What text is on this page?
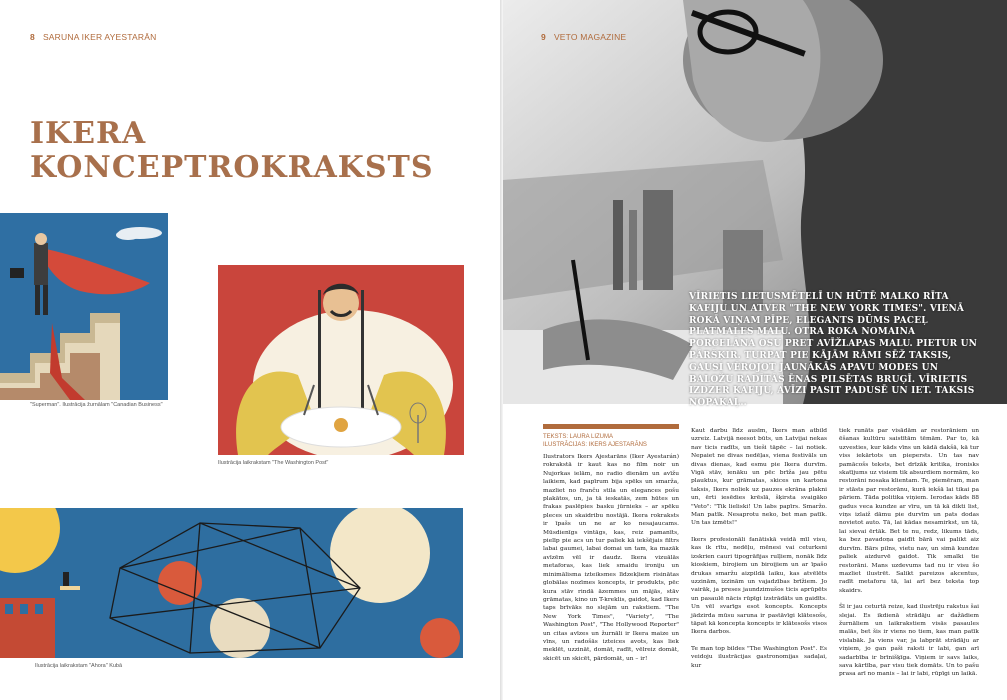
8 SARUNA IKER AYESTARĀN
IKERA KONCEPTROKRAKSTS
"Superman". Ilustrācija žurnālam "Canadian Business"
Ilustrācija laikrakstam "The Washington Post"
Ilustrācija laikrakstam "Ahora" Kubā
9 VETO MAGAZINE

VĪRIETIS LIETUSMĒTELĪ UN HŪTĒ MALKO RĪTA KAFIJU UN ATVER "THE NEW YORK TIMES". VIENĀ ROKĀ VIŅAM PĪPE, ELEGANTS DŪMS PACEĻ PLATMALES MALU. OTRA ROKA NOMAINA PORCELĀNA OSU PRET AVĪŽLAPAS MALU. PIETUR UN PĀRŠĶIR. TURPAT PIE KĀJĀM RĀMI SĒŽ TAKSIS, GAUSI VĒROJOT JAUNĀKĀS APAVU MODES UN BALOŽU RADĪTĀS ĒNAS PILSĒTAS BRUĢĪ. VĪRIETIS IZDZER KAFIJU, AVĪZI PASIT PADUSĒ UN IET. TAKSIS NOPAKAĻ..

TEKSTS: LAURA LIZUMA
ILUSTRĀCIJAS: IKERS AJESTARĀNS

Ilustrators Ikers Ajestarāns (Iker Ayestarán) rokrakstā ir kaut kas no film noir un Nujorkas ielām, no radio dienām un avīžu laikiem, kad papīrum bija spēks un smarža, mazliet no franču stila un elegances pošu plakātos, un, ja tā ieskatās, zem hūtes un frakas paslēpies basku jūrnieks – ar spēku pleces un skaidribu nostājā. Ikera rokraksts ir īpašs un ne ar ko nesajaucams. Mūsdienīgs vintāgs, kas, reiz pamanīts, pielīp pie acs un tur paliek kā iekšējais filtrs labai gaumei, labai domai un tam, ka mazāk avīzēm vēl ir daudz. Ikera vizuālās metaforas, kas liek smaidu ironiju un minimālisma izteiksmes līdzekļiem risinātas globālas nozīmes koncepts, ir produkts, pēc kura stāv rindā āzemmes un mājās, stāv grāmatas, kino un T-kreklis, gaidot, kad Ikers taps brīvāks no slejām un rakstiem. "The New York Times", "Variety", "The Washington Post", "The Hollywood Reporter" un citas avīzes un žurnāli ir Ikera maize un vīns, un radošās izteices avots, kas liek meklēt, uzzināt, domāt, radīt, vēlreiz domāt, skicēt un skicēt, pārdomāt, un – ir!

Kaut darbu līdz ausīm, Ikers man atbild uzreiz. Latvijā neesot būts, un Latvijai nekas nav ticis radīts, un tieši tāpēc – lai notiek. Nepaiet ne divas nedēļas, viena festivāls un divas dienas, kad esmu pie Ikera durvīm. Vigā stāv, ienāku un pēc brīža jau pētu plauktus, kur grāmatas, skices un kartona taksis, Ikers noliek uz pauzes ekrāna plakni un, ērti iesēdies krēslā, šķirsta svaigāko "Veto": "Tik lieliski! Un labs papīrs. Smaržo. Man patīk. Nesaprotu neko, bet man patīk. Un tas izmēts!"

Ikers profesionāli fanātiskā veidā mīl visu, kas ik rītu, nedēļu, mēnesi vai ceturksni izskrien cauri tipogrāfijas rulļiem, nonāk līdz kioskiem, birojiem un biroijiem un ar īpašo drukas smaržu aizpildā laiku, kas atvēlēts uzzinām, izzinām un vajadzības brīžiem. Jo vairāk, ja preses jaundzimušos ticis aprūpēts un pasaulē nācis rūpīgi izstrādāts un gaidīts. Un vēl svarīgs esot koncepts. Koncepts jādzirda mūsu saruna ir pastāvīgi klātesošs, tāpat kā koncepta koncepts ir klātesošs visos Ikera darbos.

Te man top bildes "The Washington Post". Es veidoju ilustrācijas gastronomijas sadaļai, kur

tiek runāts par visādām ar restorāniem un ēšanas kultūru saistītām tēmām. Par to, kā uzvesties, kur kāds vīns un kādā dakšā, kā tur viss iekārtots un piepersts. Un tas nav pamācošs teksts, bet drīzāk kritika, ironisks skatījums uz visiem tik absurdiem normām, ko restorāni nosaka klientam. Te, piemēram, man ir stāsts par restorānu, kurā iekšā lai tikai pa pāriem. Tāda politika viņiem. Ierodas kāds 88 gadus veca kundze ar vīru, un tā kā dikti list, viņs izlaiž dāmu pie durvīm un pats dodas novietot auto. Tā, lai kādas nesamirkst, un tā, lai sievai ērtāk. Bet te nu, redz, likums tāds, ka bez pavadoņa gaidīt bārā vai palikt aiz durvīm. Bārs pilns, vietu nav, un simā kundze paliek aizdurvē gaidot. Tik smalki tie restorāni. Mans uzdevums tad nu ir visu šo mazliet ilustrēt. Salikt pareizos akcentus, radīt metaforu tā, lai arī bez teksta top skaidrs.

Šī ir jau ceturtā reize, kad ilustrēju rakstus šai slejai. Es ikdienā strādāju ar dažādiem žurnāliem un laikrakstiem visās pasaules malās, bet šis ir viens no tiem, kas man patīk vislabāk. Ja viens var, ja labprāt strādāju ar viņiem, jo gan paši raksti ir labi, gan arī sadarbība ir brīnišķīga. Viņiem ir savs laiks, sava kārtība, par visu tiek domāts. Un to pašu prasa arī no manis – lai ir labi, rūpīgi un laikā.
